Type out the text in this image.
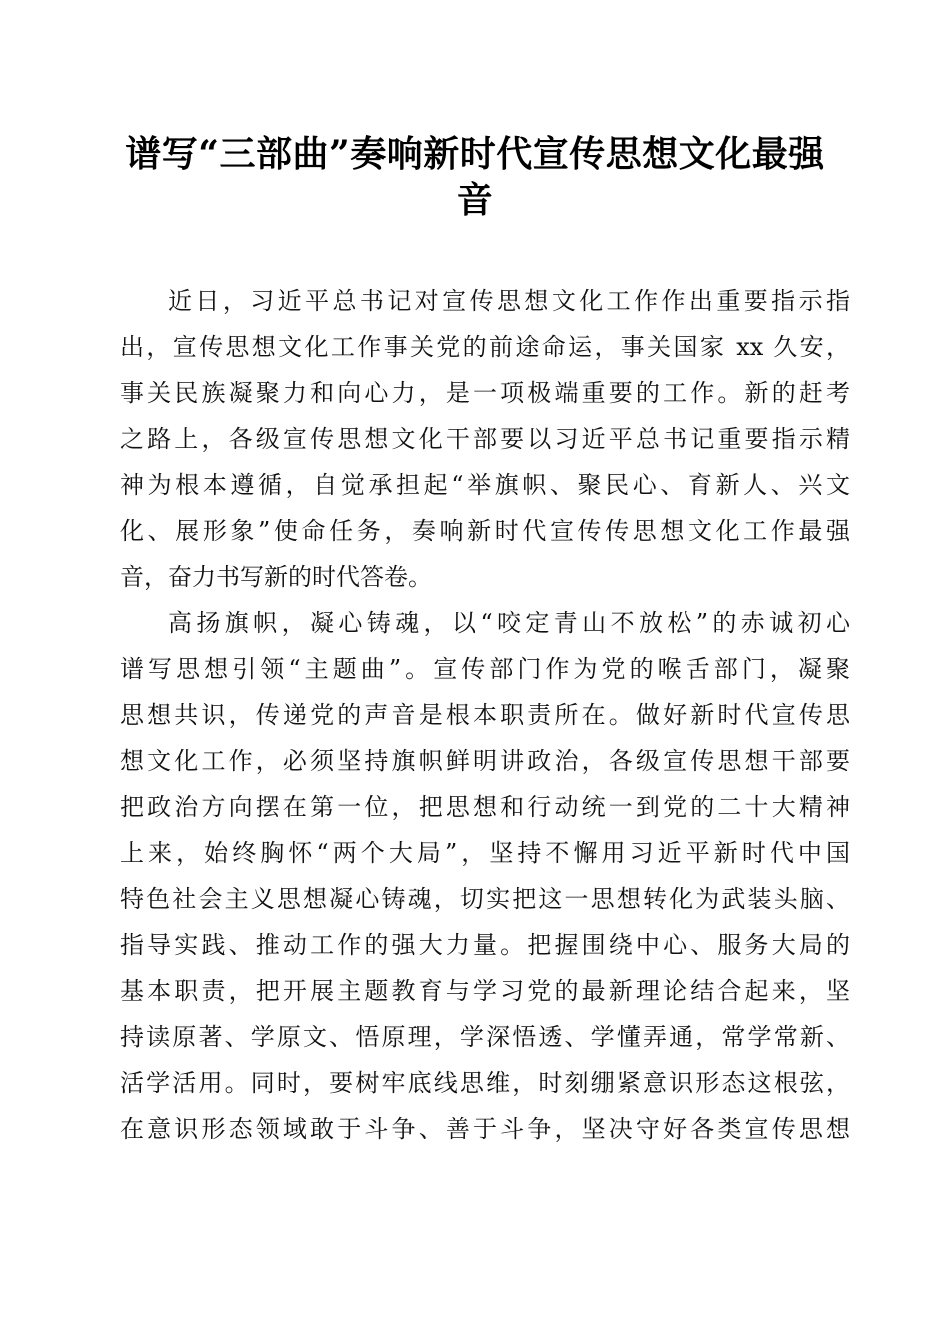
谱写“三部曲”奏响新时代宣传思想文化最强
音

近日，习近平总书记对宣传思想文化工作作出重要指示指

出，宣传思想文化工作事关党的前途命运，事关国家 xx 久安，

事关民族凝聚力和向心力，是一项极端重要的工作。新的赶考

之路上，各级宣传思想文化干部要以习近平总书记重要指示精

神为根本遵循，自觉承担起“举旗帜、聚民心、育新人、兴文

化、展形象”使命任务，奏响新时代宣传传思想文化工作最强

音，奋力书写新的时代答卷。

高扬旗帜，凝心铸魂，以“咬定青山不放松”的赤诚初心

谱写思想引领“主题曲”。宣传部门作为党的喉舌部门，凝聚

思想共识，传递党的声音是根本职责所在。做好新时代宣传思

想文化工作，必须坚持旗帜鲜明讲政治，各级宣传思想干部要

把政治方向摆在第一位，把思想和行动统一到党的二十大精神

上来，始终胸怀“两个大局”，坚持不懈用习近平新时代中国

特色社会主义思想凝心铸魂，切实把这一思想转化为武装头脑、

指导实践、推动工作的强大力量。把握围绕中心、服务大局的

基本职责，把开展主题教育与学习党的最新理论结合起来，坚

持读原著、学原文、悟原理，学深悟透、学懂弄通，常学常新、

活学活用。同时，要树牢底线思维，时刻绷紧意识形态这根弦，

在意识形态领域敢于斗争、善于斗争，坚决守好各类宣传思想
